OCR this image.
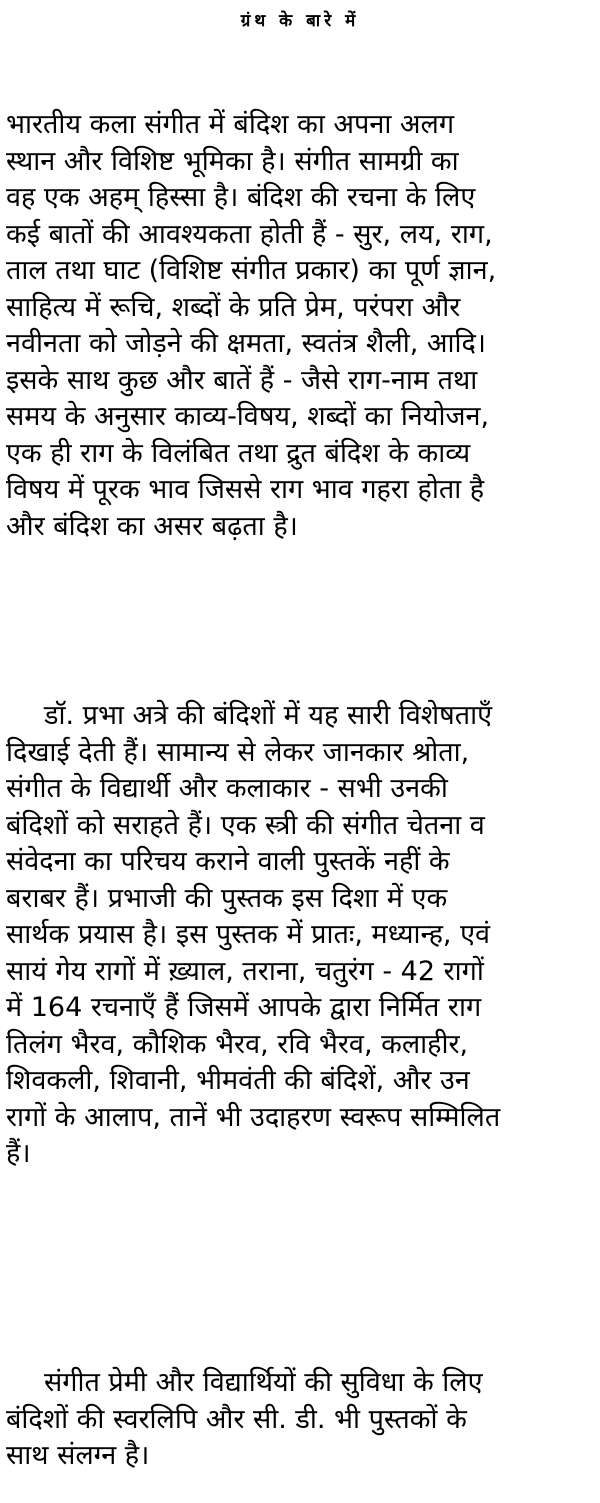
ग्रंथ के बारे में
भारतीय कला संगीत में बंदिश का अपना अलग
स्थान और विशिष्ट भूमिका है। संगीत सामग्री का
वह एक अहम् हिस्सा है। बंदिश की रचना के लिए
कई बातों की आवश्यकता होती हैं - सुर, लय, राग,
ताल तथा घाट (विशिष्ट संगीत प्रकार) का पूर्ण ज्ञान,
साहित्य में रूचि, शब्दों के प्रति प्रेम, परंपरा और
नवीनता को जोड़ने की क्षमता, स्वतंत्र शैली, आदि।
इसके साथ कुछ और बातें हैं - जैसे राग-नाम तथा
समय के अनुसार काव्य-विषय, शब्दों का नियोजन,
एक ही राग के विलंबित तथा द्रुत बंदिश के काव्य
विषय में पूरक भाव जिससे राग भाव गहरा होता है
और बंदिश का असर बढ़ता है।
डॉ. प्रभा अत्रे की बंदिशों में यह सारी विशेषताएँ
दिखाई देती हैं। सामान्य से लेकर जानकार श्रोता,
संगीत के विद्यार्थी और कलाकार - सभी उनकी
बंदिशों को सराहते हैं। एक स्त्री की संगीत चेतना व
संवेदना का परिचय कराने वाली पुस्तकें नहीं के
बराबर हैं। प्रभाजी की पुस्तक इस दिशा में एक
सार्थक प्रयास है। इस पुस्तक में प्रातः, मध्यान्ह, एवं
सायं गेय रागों में ख़्याल, तराना, चतुरंग - 42 रागों
में 164 रचनाएँ हैं जिसमें आपके द्वारा निर्मित राग
तिलंग भैरव, कौशिक भैरव, रवि भैरव, कलाहीर,
शिवकली, शिवानी, भीमवंती की बंदिशें, और उन
रागों के आलाप, तानें भी उदाहरण स्वरूप सम्मिलित
हैं।
संगीत प्रेमी और विद्यार्थियों की सुविधा के लिए
बंदिशों की स्वरलिपि और सी. डी. भी पुस्तकों के
साथ संलग्न है।
